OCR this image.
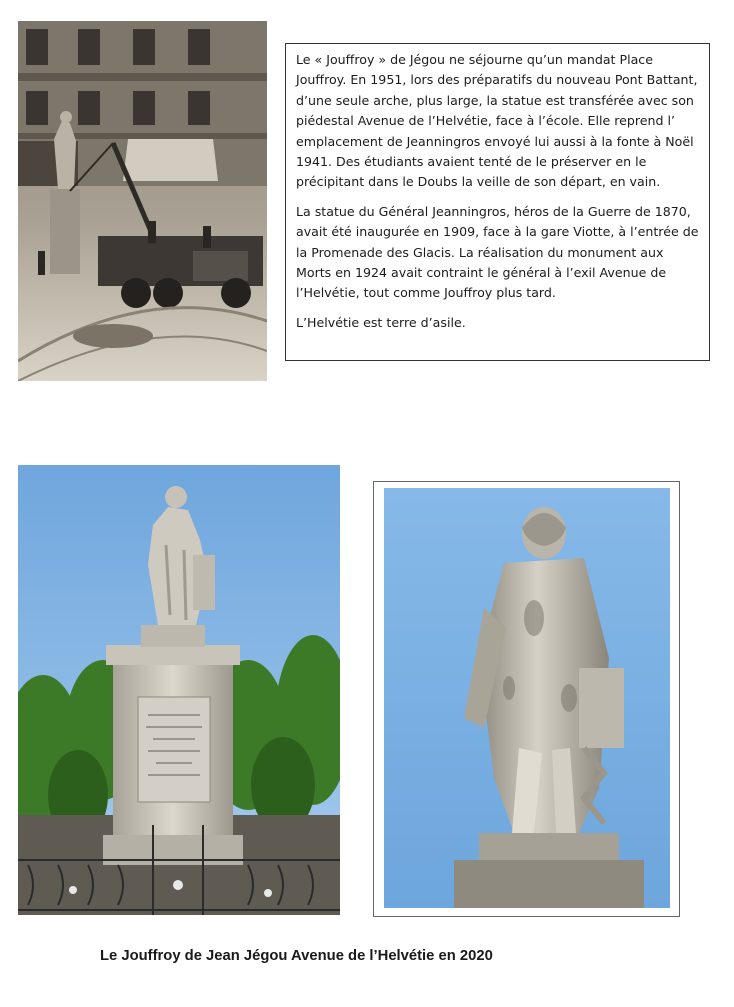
Le « Jouffroy » de Jégou ne séjourne qu’un mandat Place Jouffroy. En 1951, lors des préparatifs du nouveau Pont Battant, d’une seule arche, plus large, la statue est transférée avec son piédestal Avenue de l’Helvétie, face à l’école. Elle reprend l’ emplacement de Jeanningros envoyé lui aussi à la fonte à Noël 1941. Des étudiants avaient tenté de le préserver en le précipitant dans le Doubs la veille de son départ, en vain.

La statue du Général Jeanningros, héros de la Guerre de 1870, avait été inaugurée en 1909, face à la gare Viotte, à l’entrée de la Promenade des Glacis. La réalisation du monument aux Morts en 1924 avait contraint le général à l’exil Avenue de l’Helvétie, tout comme Jouffroy plus tard.

L’Helvétie est terre d’asile.

Le Jouffroy de Jean Jégou Avenue de l’Helvétie en 2020
